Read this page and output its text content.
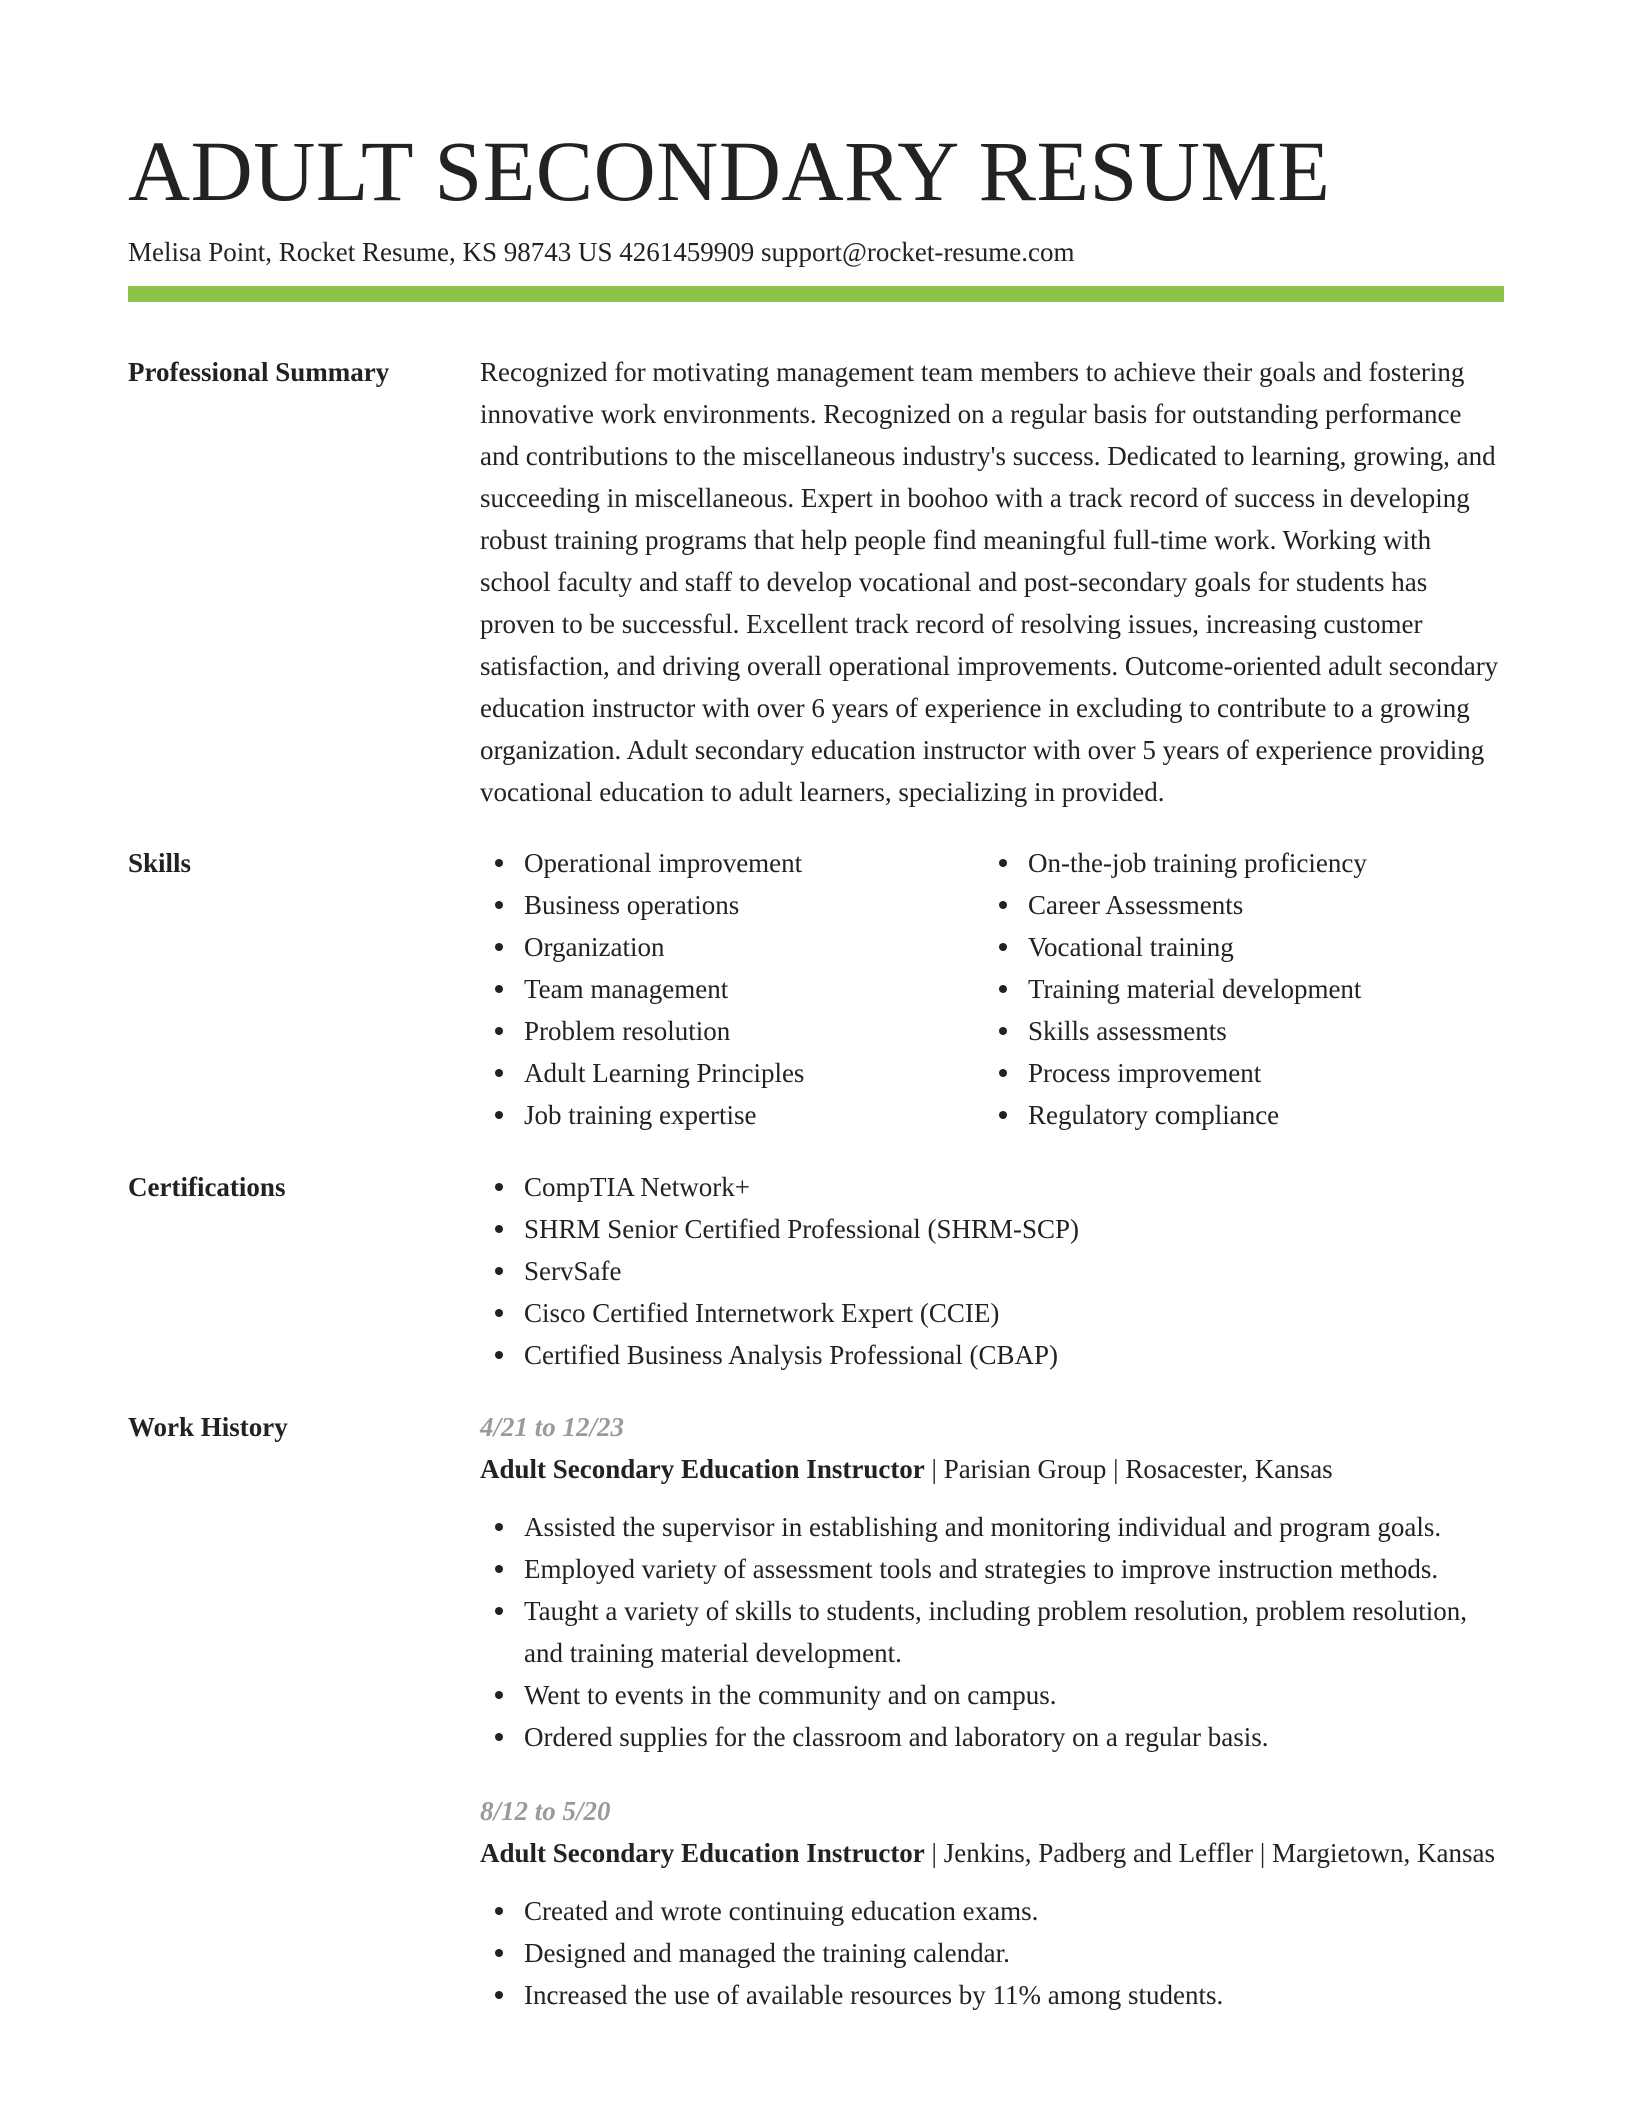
ADULT SECONDARY RESUME
Melisa Point, Rocket Resume, KS 98743 US 4261459909 support@rocket-resume.com
Professional Summary	Recognized for motivating management team members to achieve their goals and fostering innovative work environments. Recognized on a regular basis for outstanding performance and contributions to the miscellaneous industry's success. Dedicated to learning, growing, and succeeding in miscellaneous. Expert in boohoo with a track record of success in developing robust training programs that help people find meaningful full-time work. Working with school faculty and staff to develop vocational and post-secondary goals for students has proven to be successful. Excellent track record of resolving issues, increasing customer satisfaction, and driving overall operational improvements. Outcome-oriented adult secondary education instructor with over 6 years of experience in excluding to contribute to a growing organization. Adult secondary education instructor with over 5 years of experience providing vocational education to adult learners, specializing in provided.
Skills	Operational improvement
Business operations
Organization
Team management
Problem resolution
Adult Learning Principles
Job training expertise
On-the-job training proficiency
Career Assessments
Vocational training
Training material development
Skills assessments
Process improvement
Regulatory compliance
Certifications	CompTIA Network+
SHRM Senior Certified Professional (SHRM-SCP)
ServSafe
Cisco Certified Internetwork Expert (CCIE)
Certified Business Analysis Professional (CBAP)
Work History	4/21 to 12/23
Adult Secondary Education Instructor | Parisian Group | Rosacester, Kansas
Assisted the supervisor in establishing and monitoring individual and program goals.
Employed variety of assessment tools and strategies to improve instruction methods.
Taught a variety of skills to students, including problem resolution, problem resolution, and training material development.
Went to events in the community and on campus.
Ordered supplies for the classroom and laboratory on a regular basis.
8/12 to 5/20
Adult Secondary Education Instructor | Jenkins, Padberg and Leffler | Margietown, Kansas
Created and wrote continuing education exams.
Designed and managed the training calendar.
Increased the use of available resources by 11% among students.
